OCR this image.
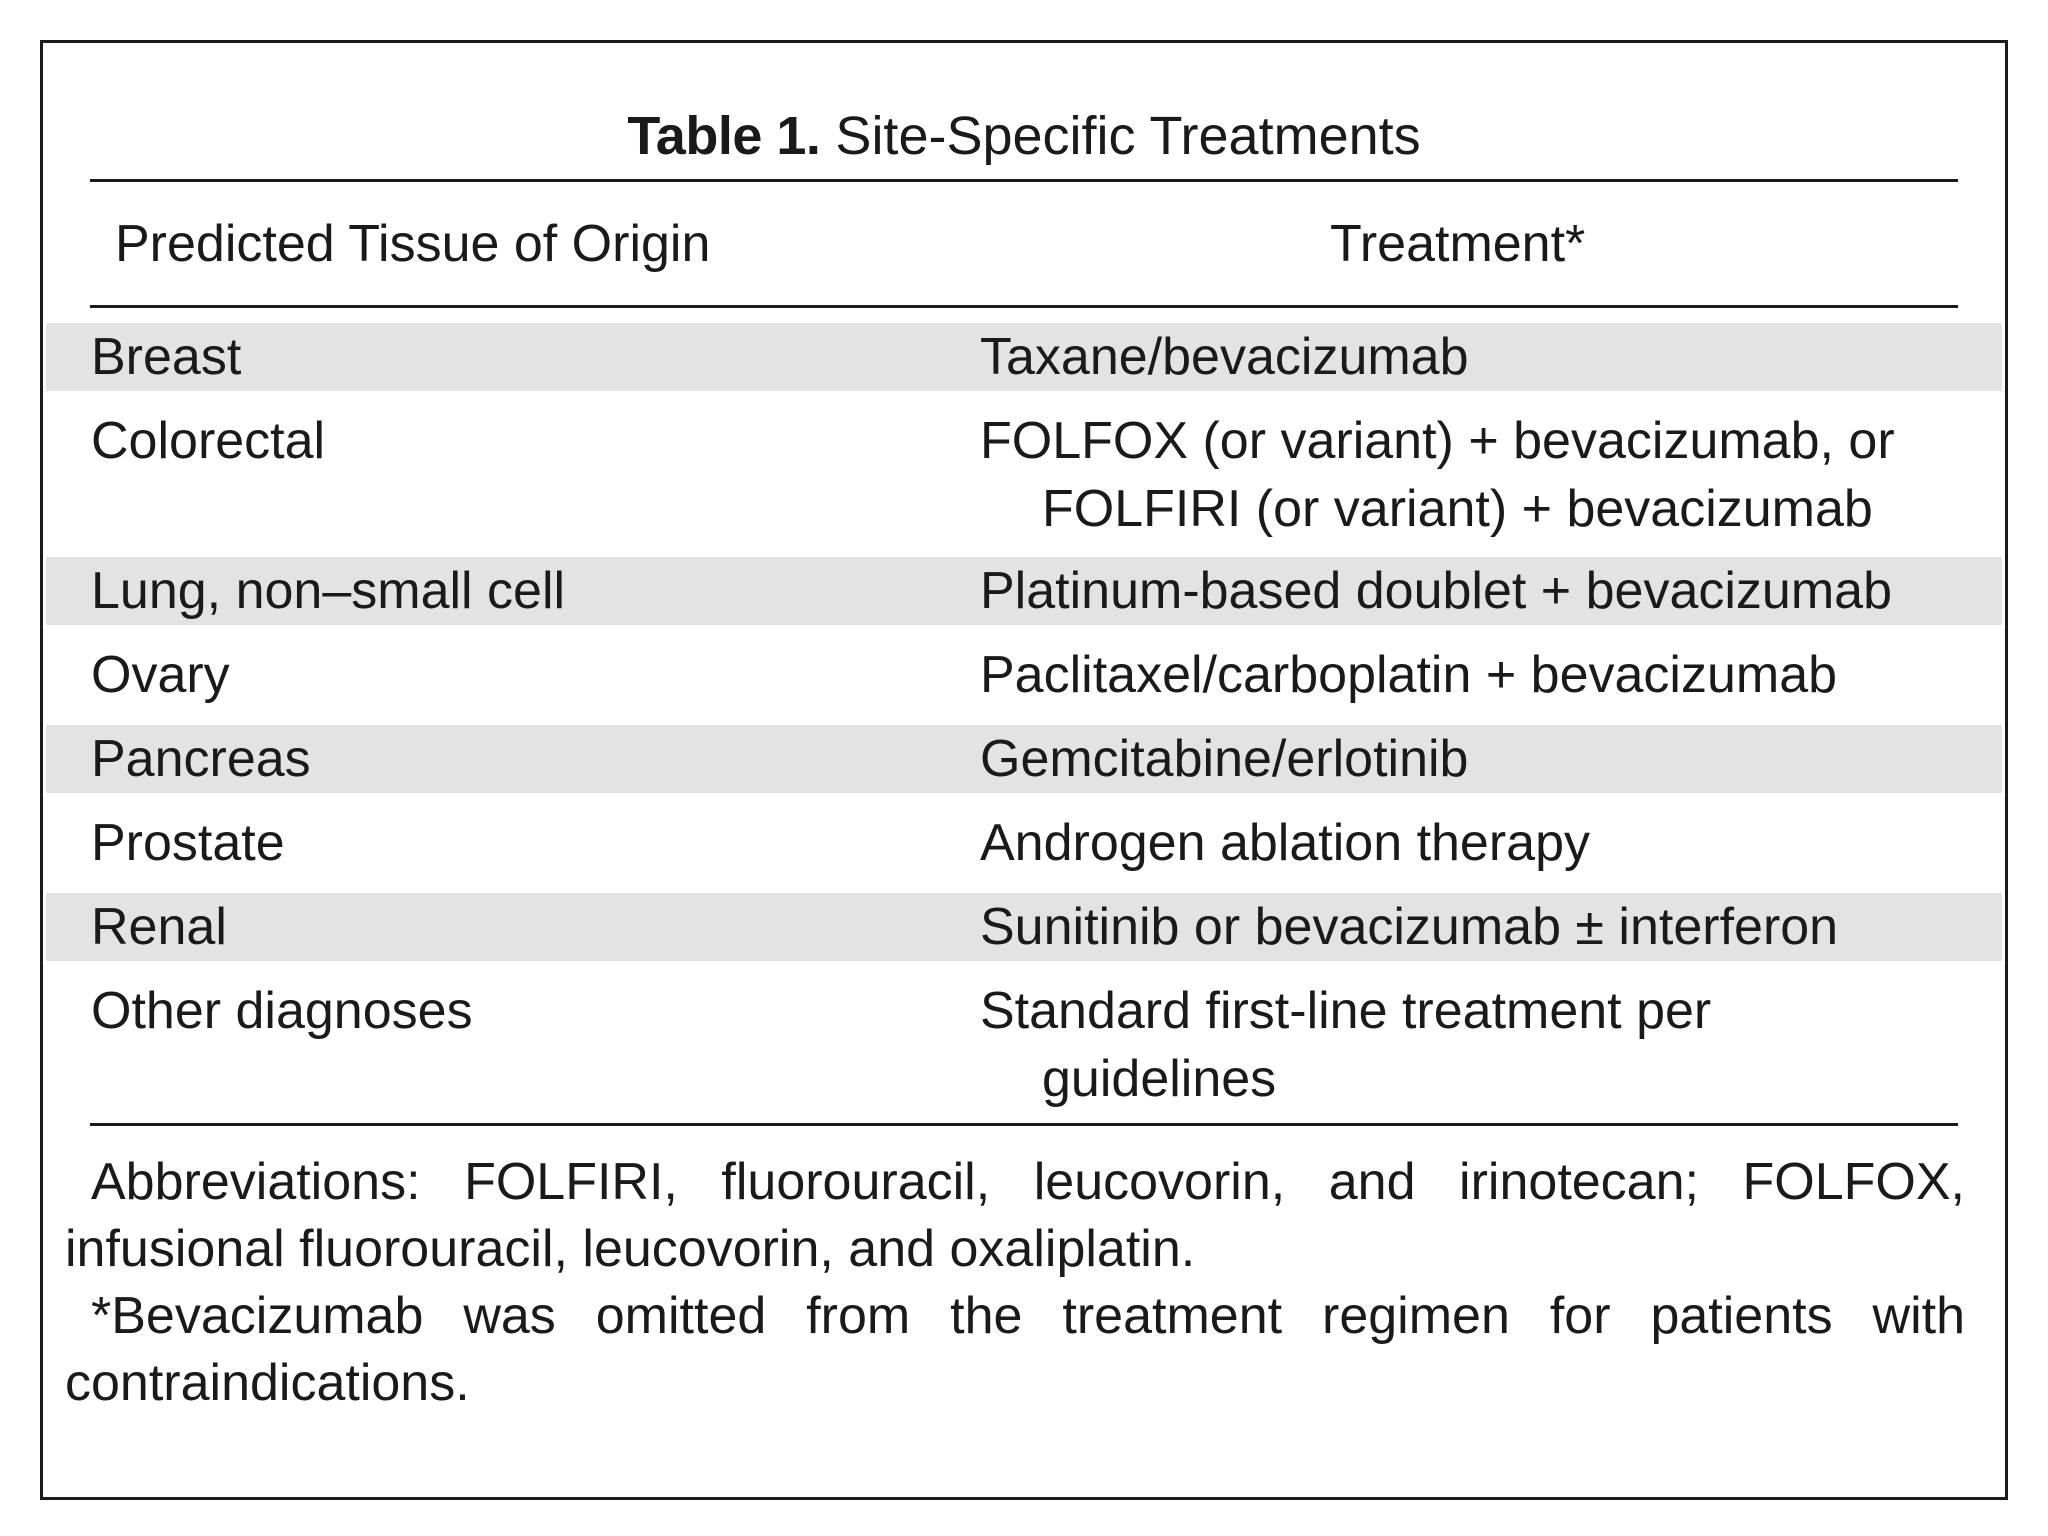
Table 1. Site-Specific Treatments
Predicted Tissue of Origin	Treatment*
Breast	Taxane/bevacizumab
Colorectal	FOLFOX (or variant) + bevacizumab, or
FOLFIRI (or variant) + bevacizumab
Lung, non–small cell	Platinum-based doublet + bevacizumab
Ovary	Paclitaxel/carboplatin + bevacizumab
Pancreas	Gemcitabine/erlotinib
Prostate	Androgen ablation therapy
Renal	Sunitinib or bevacizumab ± interferon
Other diagnoses	Standard first-line treatment per
guidelines

Abbreviations: FOLFIRI, fluorouracil, leucovorin, and irinotecan; FOLFOX, infusional fluorouracil, leucovorin, and oxaliplatin.

*Bevacizumab was omitted from the treatment regimen for patients with contraindications.
